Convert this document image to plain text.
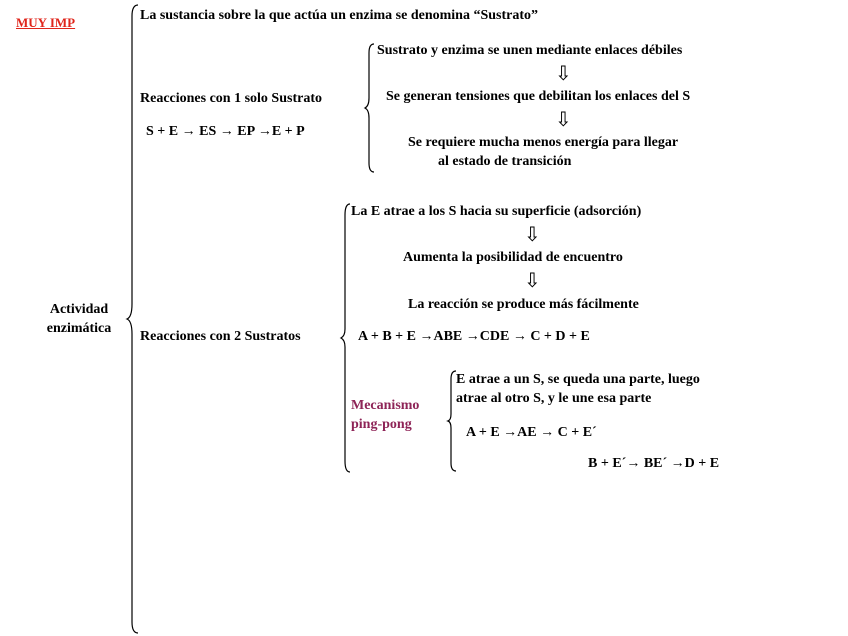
MUY IMP
Actividad
enzimática
La sustancia sobre la que actúa un enzima se denomina “Sustrato”
Reacciones con 1 solo Sustrato
S + E → ES → EP →E + P
Sustrato y enzima se unen mediante enlaces débiles
⇩
Se generan tensiones que debilitan los enlaces del S
⇩
Se requiere mucha menos energía para llegar
al estado de transición
Reacciones con 2 Sustratos
La E atrae a los S hacia su superficie (adsorción)
⇩
Aumenta la posibilidad de encuentro
⇩
La reacción se produce más fácilmente
A + B + E →ABE →CDE → C + D + E
Mecanismo
ping-pong
E atrae a un S, se queda una parte, luego
atrae al otro S, y le une esa parte
A + E →AE → C + E´
B + E´→ BE´ →D + E
